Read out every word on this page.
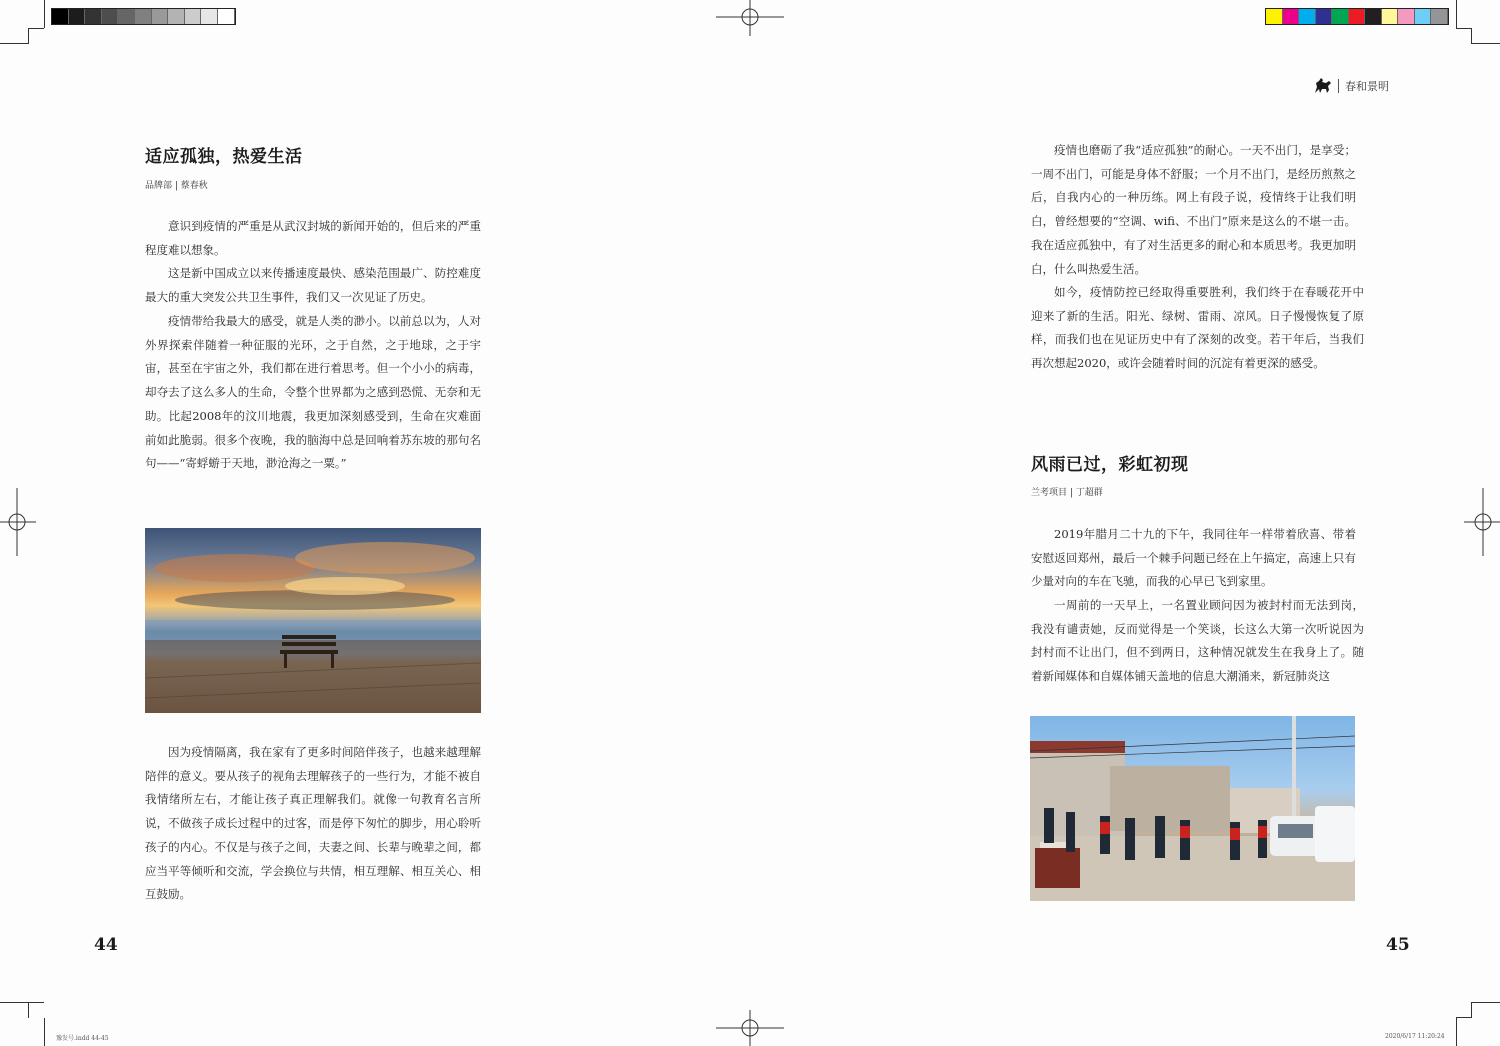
春和景明
适应孤独，热爱生活
品牌部 | 蔡春秋
意识到疫情的严重是从武汉封城的新闻开始的，但后来的严重程度难以想象。
这是新中国成立以来传播速度最快、感染范围最广、防控难度最大的重大突发公共卫生事件，我们又一次见证了历史。
疫情带给我最大的感受，就是人类的渺小。以前总以为，人对外界探索伴随着一种征服的光环，之于自然，之于地球，之于宇宙，甚至在宇宙之外，我们都在进行着思考。但一个小小的病毒，却夺去了这么多人的生命，令整个世界都为之感到恐慌、无奈和无助。比起2008年的汶川地震，我更加深刻感受到，生命在灾难面前如此脆弱。很多个夜晚，我的脑海中总是回响着苏东坡的那句名句——“寄蜉蝣于天地，渺沧海之一粟。”
因为疫情隔离，我在家有了更多时间陪伴孩子，也越来越理解陪伴的意义。要从孩子的视角去理解孩子的一些行为，才能不被自我情绪所左右，才能让孩子真正理解我们。就像一句教育名言所说，不做孩子成长过程中的过客，而是停下匆忙的脚步，用心聆听孩子的内心。不仅是与孩子之间，夫妻之间、长辈与晚辈之间，都应当平等倾听和交流，学会换位与共情，相互理解、相互关心、相互鼓励。
44
豫发号.indd 44-45
疫情也磨砺了我“适应孤独”的耐心。一天不出门，是享受；一周不出门，可能是身体不舒服；一个月不出门，是经历煎熬之后，自我内心的一种历练。网上有段子说，疫情终于让我们明白，曾经想要的“空调、wifi、不出门”原来是这么的不堪一击。我在适应孤独中，有了对生活更多的耐心和本质思考。我更加明白，什么叫热爱生活。
如今，疫情防控已经取得重要胜利，我们终于在春暖花开中迎来了新的生活。阳光、绿树、雷雨、凉风。日子慢慢恢复了原样，而我们也在见证历史中有了深刻的改变。若干年后，当我们再次想起2020，或许会随着时间的沉淀有着更深的感受。
风雨已过，彩虹初现
兰考项目 | 丁超群
2019年腊月二十九的下午，我同往年一样带着欣喜、带着安慰返回郑州，最后一个棘手问题已经在上午搞定，高速上只有少量对向的车在飞驰，而我的心早已飞到家里。
一周前的一天早上，一名置业顾问因为被封村而无法到岗，我没有谴责她，反而觉得是一个笑谈，长这么大第一次听说因为封村而不让出门，但不到两日，这种情况就发生在我身上了。随着新闻媒体和自媒体铺天盖地的信息大潮涌来，新冠肺炎这
45
2020/6/17 11:20:24
